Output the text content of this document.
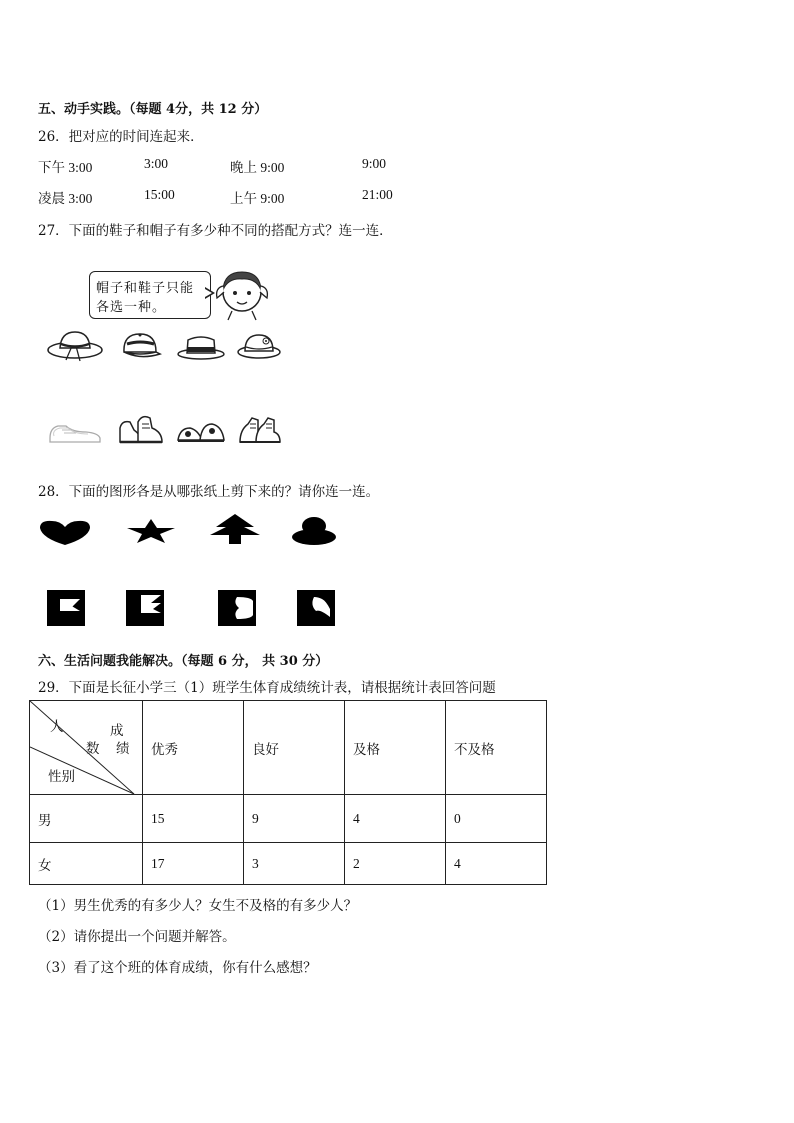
五、动手实践。（每题 4分，共 12 分）
26．把对应的时间连起来．
下午 3:00	3:00	晚上 9:00	9:00
凌晨 3:00	15:00	上午 9:00	21:00
27．下面的鞋子和帽子有多少种不同的搭配方式？连一连．
帽子和鞋子只能
各选一种。
28．下面的图形各是从哪张纸上剪下来的？请你连一连。
六、生活问题我能解决。（每题 6 分， 共 30 分）
29．下面是长征小学三（1）班学生体育成绩统计表，请根据统计表回答问题
人
数
成
绩
性别	优秀	良好	及格	不及格
男	15	9	4	0
女	17	3	2	4
（1）男生优秀的有多少人？女生不及格的有多少人？
（2）请你提出一个问题并解答。
（3）看了这个班的体育成绩，你有什么感想？
